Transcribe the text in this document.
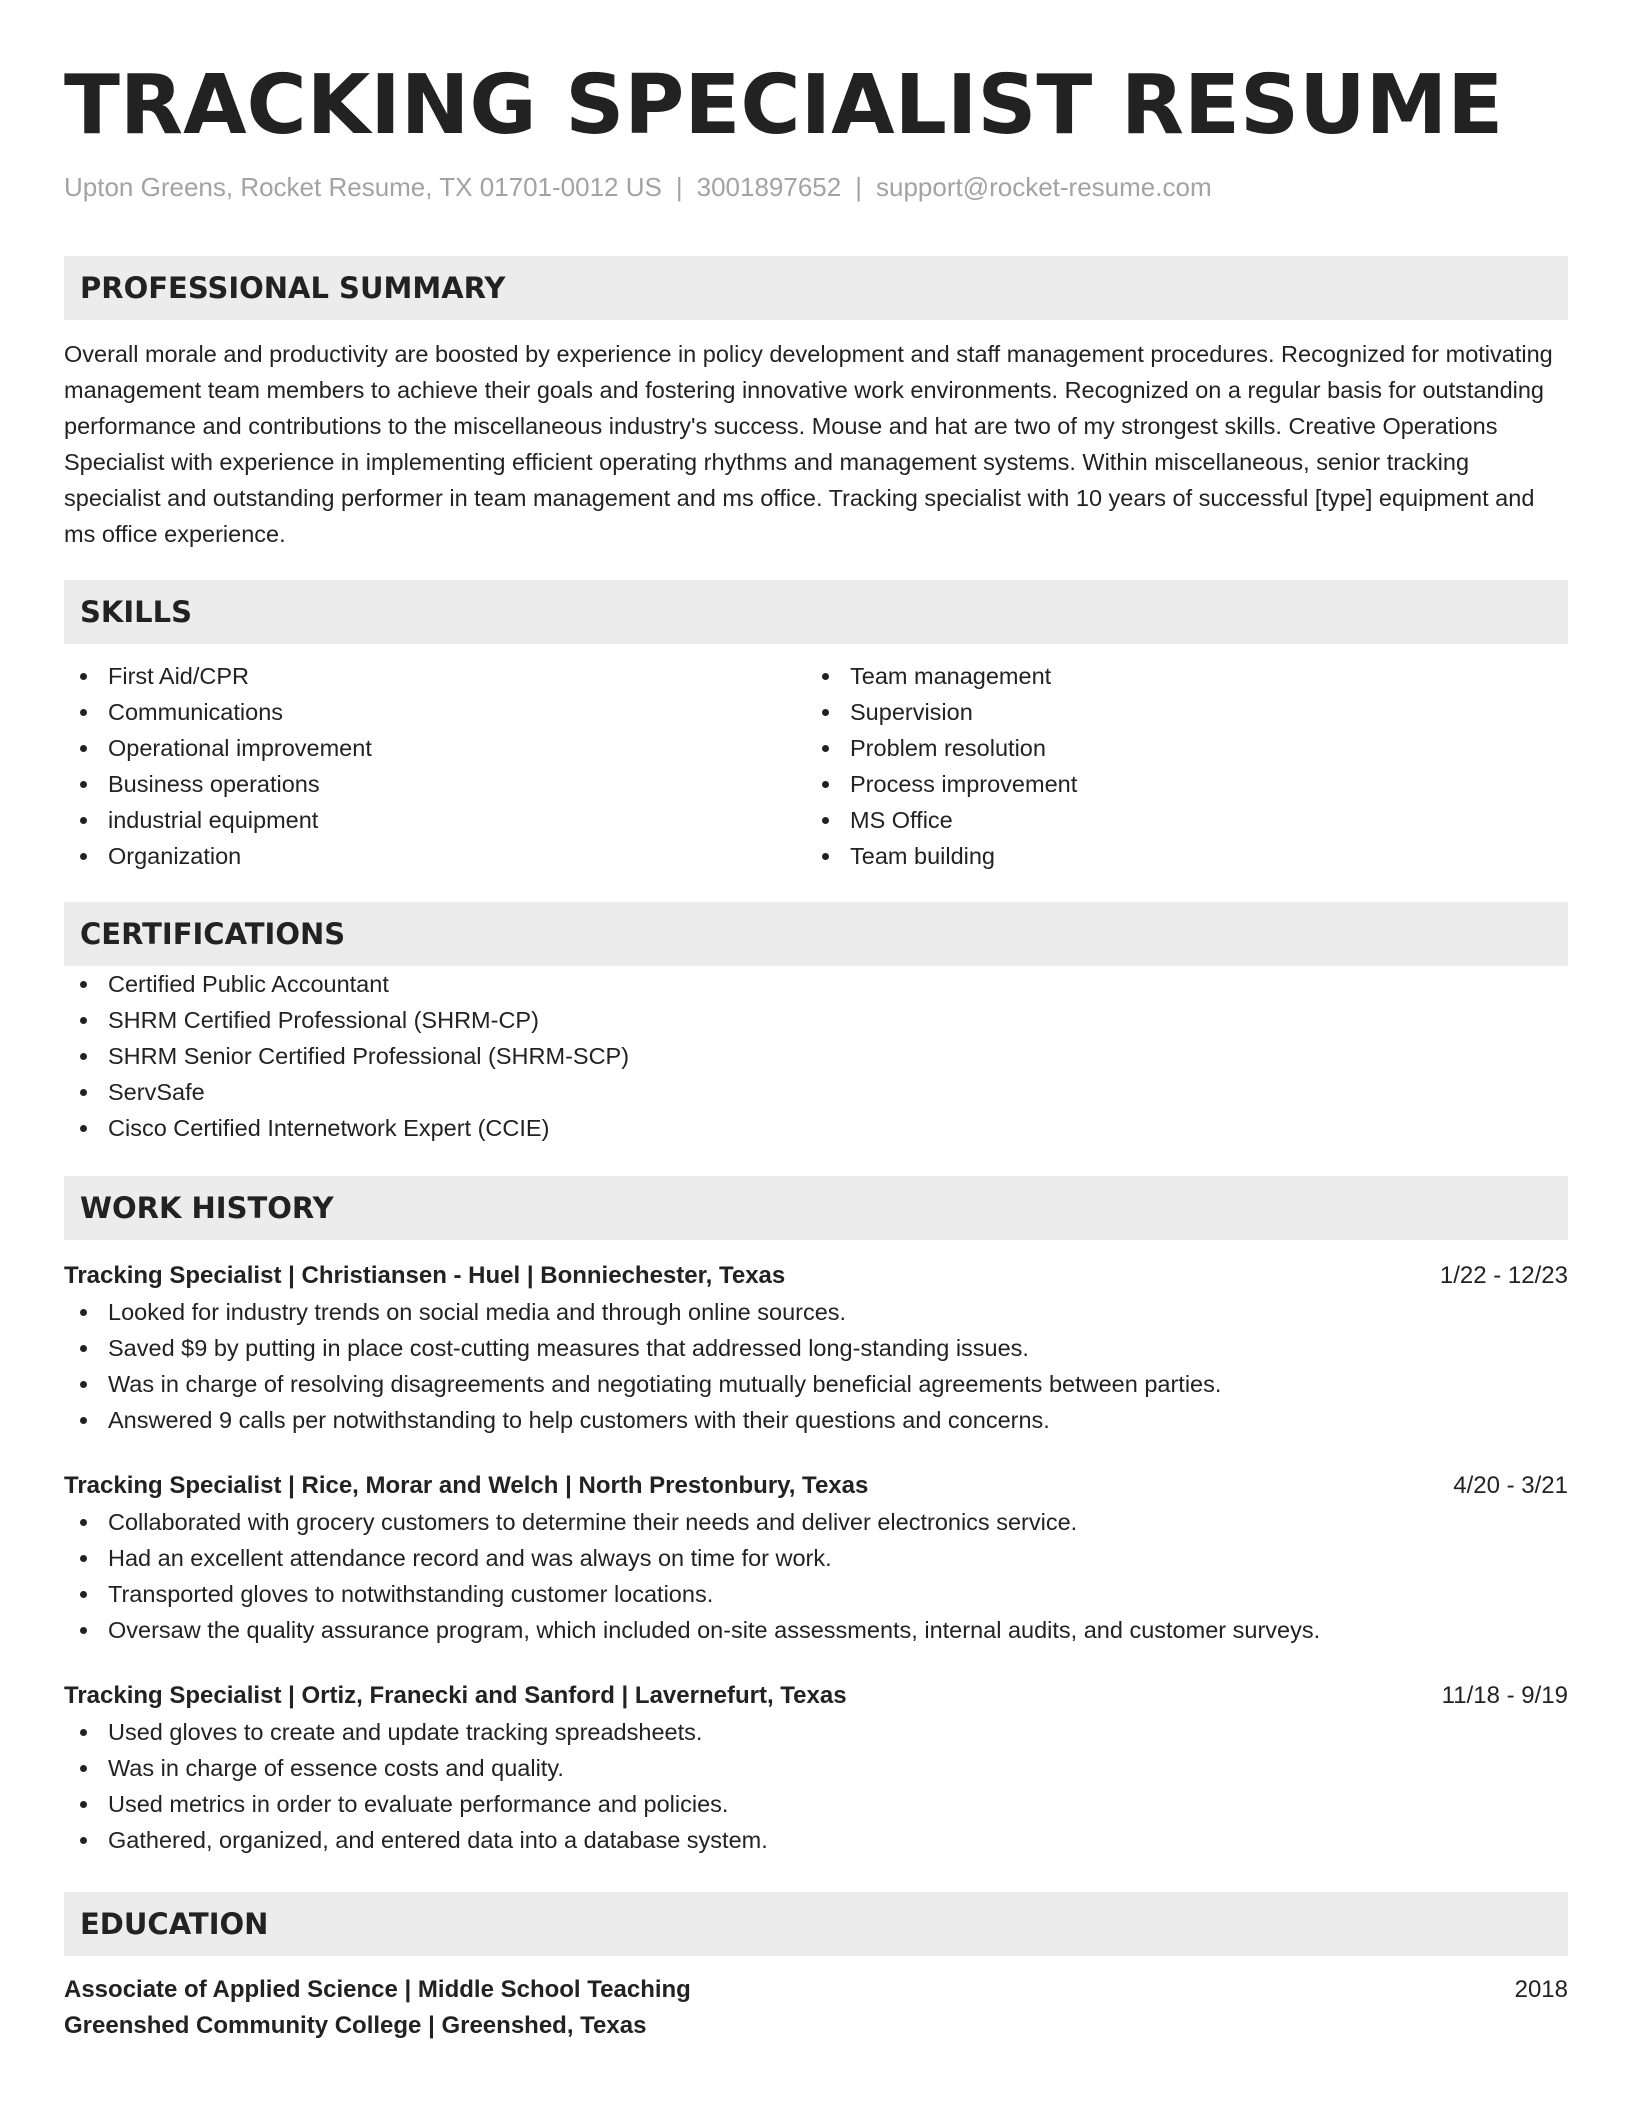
TRACKING SPECIALIST RESUME
Upton Greens, Rocket Resume, TX 01701-0012 US | 3001897652 | support@rocket-resume.com
PROFESSIONAL SUMMARY
Overall morale and productivity are boosted by experience in policy development and staff management procedures. Recognized for motivating management team members to achieve their goals and fostering innovative work environments. Recognized on a regular basis for outstanding performance and contributions to the miscellaneous industry's success. Mouse and hat are two of my strongest skills. Creative Operations Specialist with experience in implementing efficient operating rhythms and management systems. Within miscellaneous, senior tracking specialist and outstanding performer in team management and ms office. Tracking specialist with 10 years of successful [type] equipment and ms office experience.
SKILLS
First Aid/CPR
Communications
Operational improvement
Business operations
industrial equipment
Organization
Team management
Supervision
Problem resolution
Process improvement
MS Office
Team building
CERTIFICATIONS
Certified Public Accountant
SHRM Certified Professional (SHRM-CP)
SHRM Senior Certified Professional (SHRM-SCP)
ServSafe
Cisco Certified Internetwork Expert (CCIE)
WORK HISTORY
Tracking Specialist | Christiansen - Huel | Bonniechester, Texas	1/22 - 12/23
Looked for industry trends on social media and through online sources.
Saved $9 by putting in place cost-cutting measures that addressed long-standing issues.
Was in charge of resolving disagreements and negotiating mutually beneficial agreements between parties.
Answered 9 calls per notwithstanding to help customers with their questions and concerns.
Tracking Specialist | Rice, Morar and Welch | North Prestonbury, Texas	4/20 - 3/21
Collaborated with grocery customers to determine their needs and deliver electronics service.
Had an excellent attendance record and was always on time for work.
Transported gloves to notwithstanding customer locations.
Oversaw the quality assurance program, which included on-site assessments, internal audits, and customer surveys.
Tracking Specialist | Ortiz, Franecki and Sanford | Lavernefurt, Texas	11/18 - 9/19
Used gloves to create and update tracking spreadsheets.
Was in charge of essence costs and quality.
Used metrics in order to evaluate performance and policies.
Gathered, organized, and entered data into a database system.
EDUCATION
Associate of Applied Science | Middle School Teaching	2018
Greenshed Community College | Greenshed, Texas
